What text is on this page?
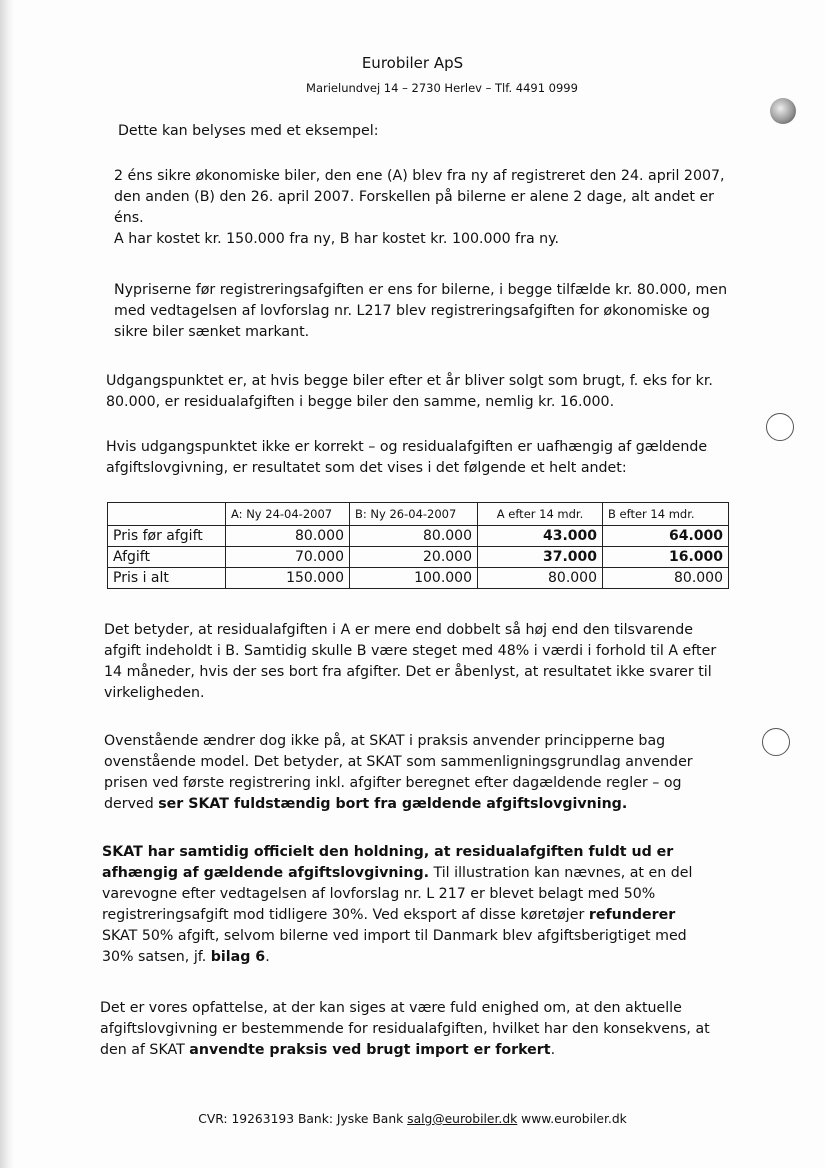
Eurobiler ApS
Marielundvej 14 – 2730 Herlev – Tlf. 4491 0999
Dette kan belyses med et eksempel:
2 éns sikre økonomiske biler, den ene (A) blev fra ny af registreret den 24. april 2007,
den anden (B) den 26. april 2007. Forskellen på bilerne er alene 2 dage, alt andet er
éns.
A har kostet kr. 150.000 fra ny, B har kostet kr. 100.000 fra ny.
Nypriserne før registreringsafgiften er ens for bilerne, i begge tilfælde kr. 80.000, men
med vedtagelsen af lovforslag nr. L217 blev registreringsafgiften for økonomiske og
sikre biler sænket markant.
Udgangspunktet er, at hvis begge biler efter et år bliver solgt som brugt, f. eks for kr.
80.000, er residualafgiften i begge biler den samme, nemlig kr. 16.000.
Hvis udgangspunktet ikke er korrekt – og residualafgiften er uafhængig af gældende
afgiftslovgivning, er resultatet som det vises i det følgende et helt andet:
	A: Ny 24-04-2007	B: Ny 26-04-2007	A efter 14 mdr.	B efter 14 mdr.
Pris før afgift	80.000	80.000	43.000	64.000
Afgift	70.000	20.000	37.000	16.000
Pris i alt	150.000	100.000	80.000	80.000
Det betyder, at residualafgiften i A er mere end dobbelt så høj end den tilsvarende
afgift indeholdt i B. Samtidig skulle B være steget med 48% i værdi i forhold til A efter
14 måneder, hvis der ses bort fra afgifter. Det er åbenlyst, at resultatet ikke svarer til
virkeligheden.
Ovenstående ændrer dog ikke på, at SKAT i praksis anvender principperne bag
ovenstående model. Det betyder, at SKAT som sammenligningsgrundlag anvender
prisen ved første registrering inkl. afgifter beregnet efter dagældende regler – og
derved ser SKAT fuldstændig bort fra gældende afgiftslovgivning.
SKAT har samtidig officielt den holdning, at residualafgiften fuldt ud er
afhængig af gældende afgiftslovgivning. Til illustration kan nævnes, at en del
varevogne efter vedtagelsen af lovforslag nr. L 217 er blevet belagt med 50%
registreringsafgift mod tidligere 30%. Ved eksport af disse køretøjer refunderer
SKAT 50% afgift, selvom bilerne ved import til Danmark blev afgiftsberigtiget med
30% satsen, jf. bilag 6.
Det er vores opfattelse, at der kan siges at være fuld enighed om, at den aktuelle
afgiftslovgivning er bestemmende for residualafgiften, hvilket har den konsekvens, at
den af SKAT anvendte praksis ved brugt import er forkert.
CVR: 19263193 Bank: Jyske Bank salg@eurobiler.dk www.eurobiler.dk
